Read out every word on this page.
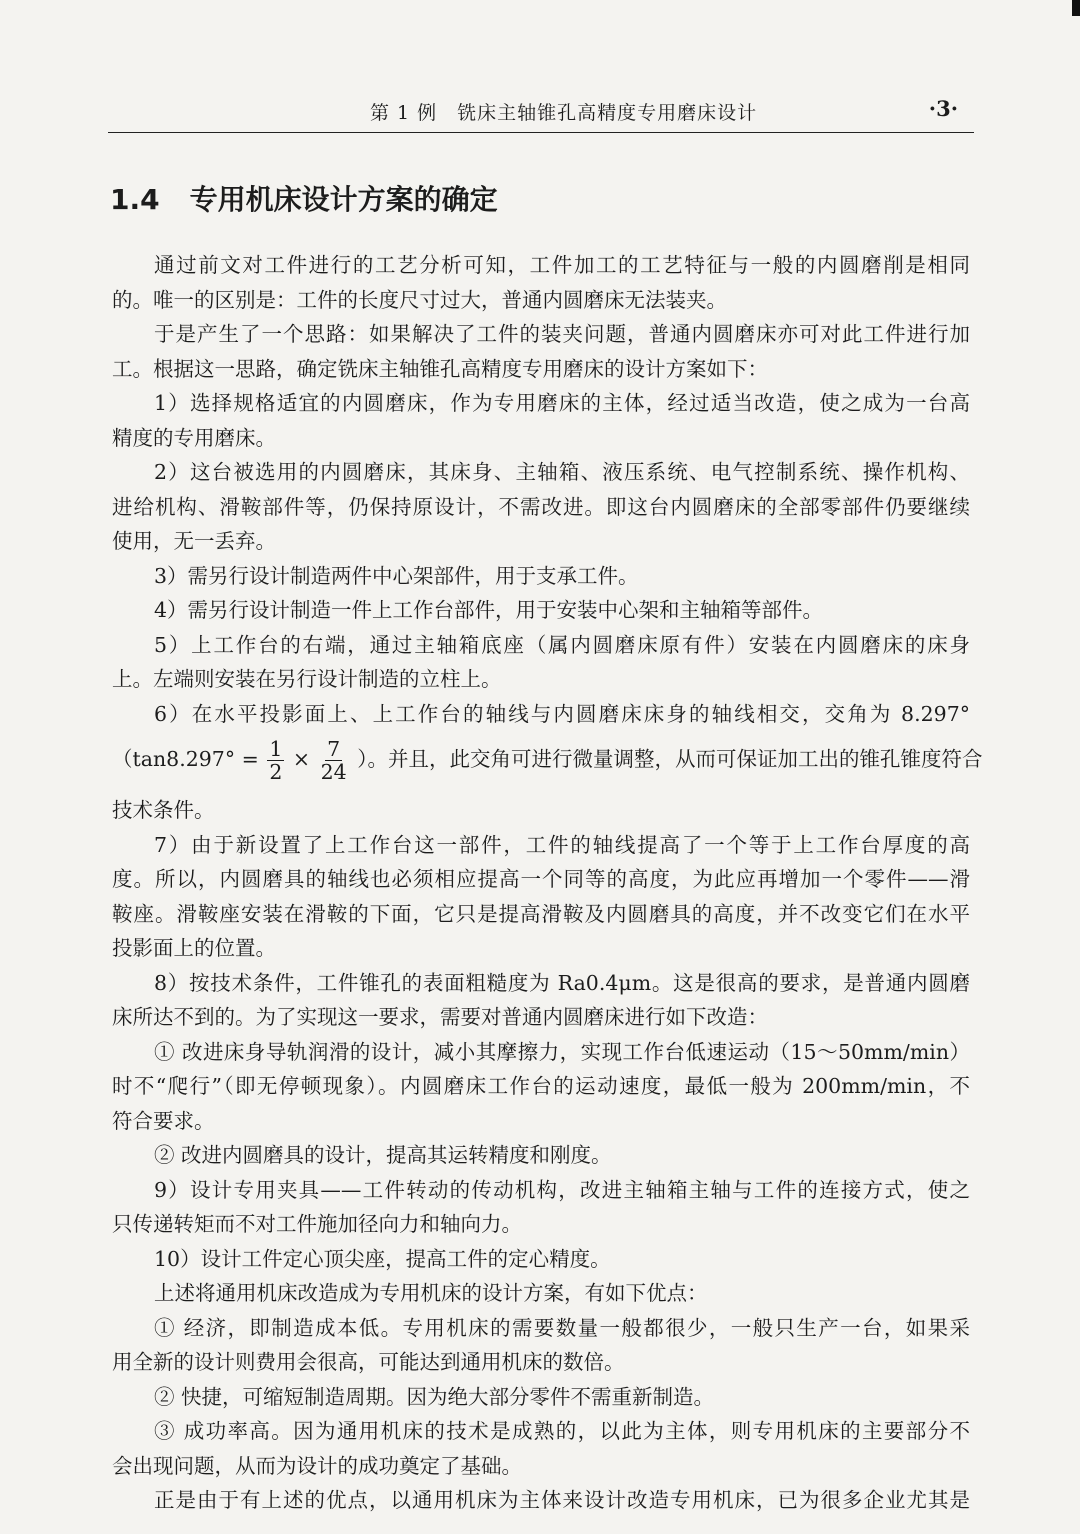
第 1 例　铣床主轴锥孔高精度专用磨床设计	·3·
1.4 专用机床设计方案的确定
通过前文对工件进行的工艺分析可知，工件加工的工艺特征与一般的内圆磨削是相同
的。唯一的区别是：工件的长度尺寸过大，普通内圆磨床无法装夹。
于是产生了一个思路：如果解决了工件的装夹问题，普通内圆磨床亦可对此工件进行加
工。根据这一思路，确定铣床主轴锥孔高精度专用磨床的设计方案如下：
1）选择规格适宜的内圆磨床，作为专用磨床的主体，经过适当改造，使之成为一台高
精度的专用磨床。
2）这台被选用的内圆磨床，其床身、主轴箱、液压系统、电气控制系统、操作机构、
进给机构、滑鞍部件等，仍保持原设计，不需改进。即这台内圆磨床的全部零部件仍要继续
使用，无一丢弃。
3）需另行设计制造两件中心架部件，用于支承工件。
4）需另行设计制造一件上工作台部件，用于安装中心架和主轴箱等部件。
5）上工作台的右端，通过主轴箱底座（属内圆磨床原有件）安装在内圆磨床的床身
上。左端则安装在另行设计制造的立柱上。
6）在水平投影面上、上工作台的轴线与内圆磨床床身的轴线相交，交角为 8.297°
（$\tan 8.297^\circ = \frac{1}{2} \times \frac{7}{24}$ ）。并且，此交角可进行微量调整，从而可保证加工出的锥孔锥度符合
技术条件。
7）由于新设置了上工作台这一部件，工件的轴线提高了一个等于上工作台厚度的高
度。所以，内圆磨具的轴线也必须相应提高一个同等的高度，为此应再增加一个零件——滑
鞍座。滑鞍座安装在滑鞍的下面，它只是提高滑鞍及内圆磨具的高度，并不改变它们在水平
投影面上的位置。
8）按技术条件，工件锥孔的表面粗糙度为 Ra0.4μm。这是很高的要求，是普通内圆磨
床所达不到的。为了实现这一要求，需要对普通内圆磨床进行如下改造：
① 改进床身导轨润滑的设计，减小其摩擦力，实现工作台低速运动（15～50mm/min）
时不“爬行”（即无停顿现象）。内圆磨床工作台的运动速度，最低一般为 200mm/min，不
符合要求。
② 改进内圆磨具的设计，提高其运转精度和刚度。
9）设计专用夹具——工件转动的传动机构，改进主轴箱主轴与工件的连接方式，使之
只传递转矩而不对工件施加径向力和轴向力。
10）设计工件定心顶尖座，提高工件的定心精度。
上述将通用机床改造成为专用机床的设计方案，有如下优点：
① 经济，即制造成本低。专用机床的需要数量一般都很少，一般只生产一台，如果采
用全新的设计则费用会很高，可能达到通用机床的数倍。
② 快捷，可缩短制造周期。因为绝大部分零件不需重新制造。
③ 成功率高。因为通用机床的技术是成熟的，以此为主体，则专用机床的主要部分不
会出现问题，从而为设计的成功奠定了基础。
正是由于有上述的优点，以通用机床为主体来设计改造专用机床，已为很多企业尤其是
